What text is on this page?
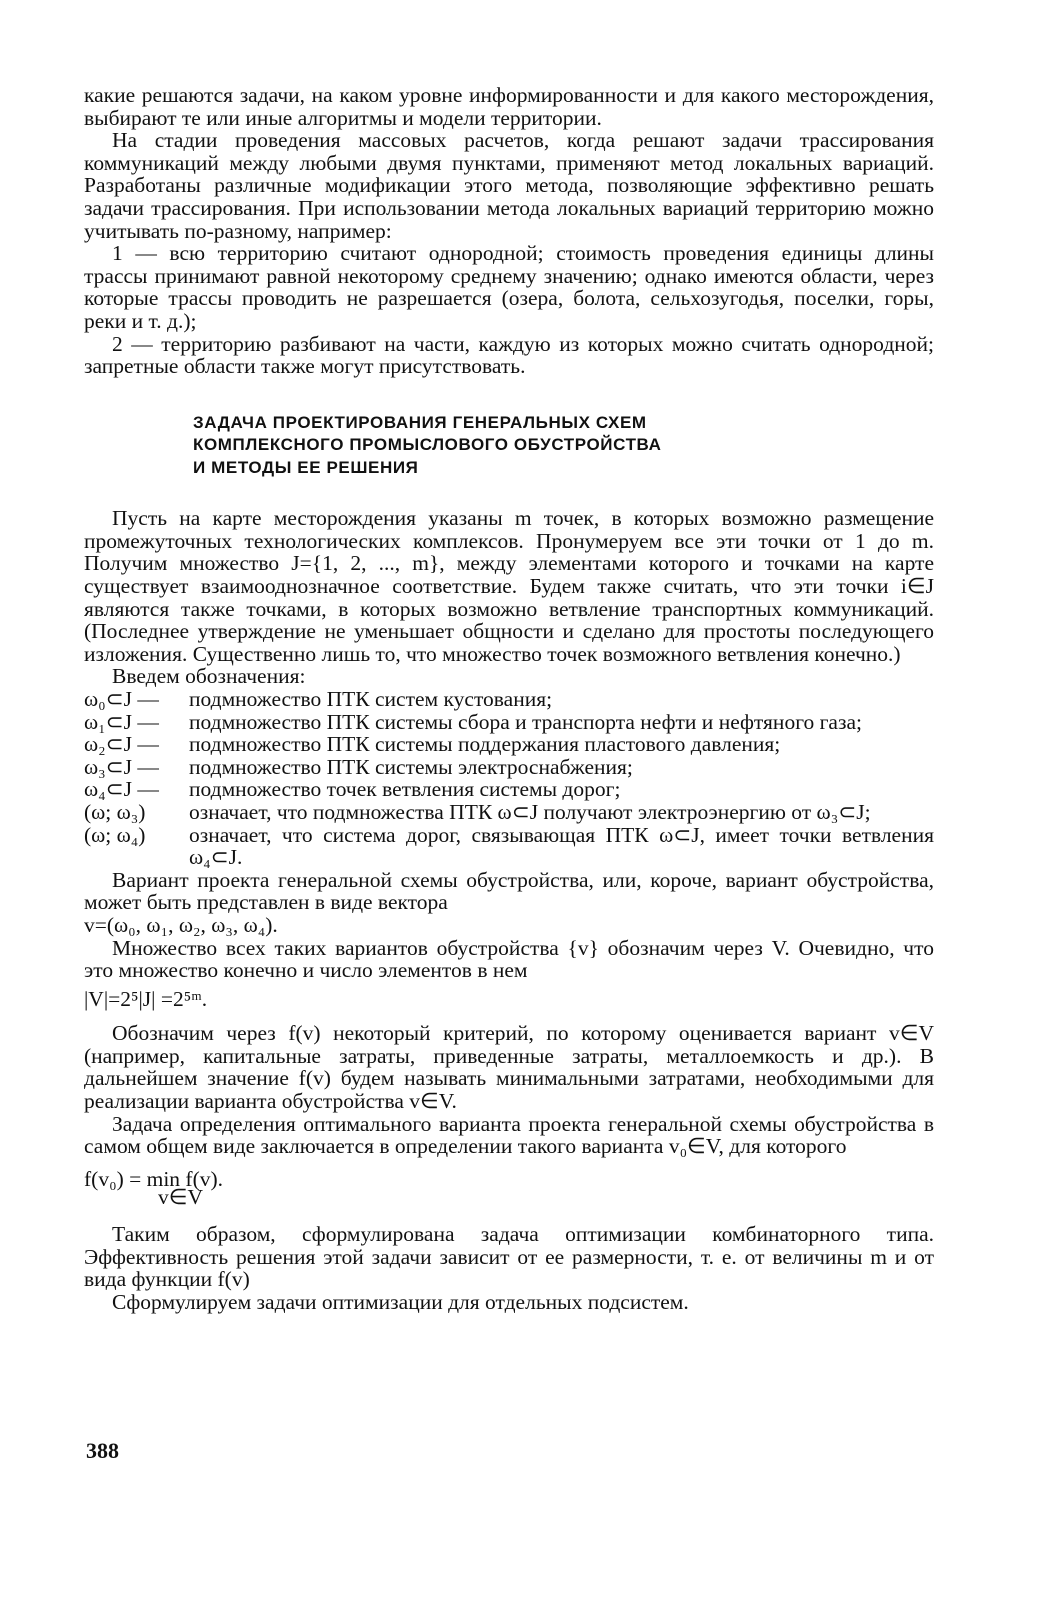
какие решаются задачи, на каком уровне информированности и для какого месторождения, выбирают те или иные алгоритмы и модели территории.

На стадии проведения массовых расчетов, когда решают задачи трассирования коммуникаций между любыми двумя пунктами, применяют метод локальных вариаций. Разработаны различные модификации этого метода, позволяющие эффективно решать задачи трассирования. При использовании метода локальных вариаций территорию можно учитывать по-разному, например:

1 — всю территорию считают однородной; стоимость проведения единицы длины трассы принимают равной некоторому среднему значению; однако имеются области, через которые трассы проводить не разрешается (озера, болота, сельхозугодья, поселки, горы, реки и т. д.);

2 — территорию разбивают на части, каждую из которых можно считать однородной; запретные области также могут присутствовать.

ЗАДАЧА ПРОЕКТИРОВАНИЯ ГЕНЕРАЛЬНЫХ СХЕМ
КОМПЛЕКСНОГО ПРОМЫСЛОВОГО ОБУСТРОЙСТВА
И МЕТОДЫ ЕЕ РЕШЕНИЯ

Пусть на карте месторождения указаны m точек, в которых возможно размещение промежуточных технологических комплексов. Пронумеруем все эти точки от 1 до m. Получим множество J={1, 2, ..., m}, между элементами которого и точками на карте существует взаимооднозначное соответствие. Будем также считать, что эти точки i∈J являются также точками, в которых возможно ветвление транспортных коммуникаций. (Последнее утверждение не уменьшает общности и сделано для простоты последующего изложения. Существенно лишь то, что множество точек возможного ветвления конечно.)

Введем обозначения:

ω₀⊂J —	подмножество ПТК систем кустования;
ω₁⊂J —	подмножество ПТК системы сбора и транспорта нефти и нефтяного газа;
ω₂⊂J —	подмножество ПТК системы поддержания пластового давления;
ω₃⊂J —	подмножество ПТК системы электроснабжения;
ω₄⊂J —	подмножество точек ветвления системы дорог;
(ω; ω₃)	означает, что подмножества ПТК ω⊂J получают электроэнергию от ω₃⊂J;
(ω; ω₄)	означает, что система дорог, связывающая ПТК ω⊂J, имеет точки ветвления ω₄⊂J.

Вариант проекта генеральной схемы обустройства, или, короче, вариант обустройства, может быть представлен в виде вектора

v=(ω₀, ω₁, ω₂, ω₃, ω₄).

Множество всех таких вариантов обустройства {v} обозначим через V. Очевидно, что это множество конечно и число элементов в нем

|V|=2⁵|J| =2⁵ᵐ.

Обозначим через f(v) некоторый критерий, по которому оценивается вариант v∈V (например, капитальные затраты, приведенные затраты, металлоемкость и др.). В дальнейшем значение f(v) будем называть минимальными затратами, необходимыми для реализации варианта обустройства v∈V.

Задача определения оптимального варианта проекта генеральной схемы обустройства в самом общем виде заключается в определении такого варианта v₀∈V, для которого

f(v₀) = min f(v).
v∈V

Таким образом, сформулирована задача оптимизации комбинаторного типа. Эффективность решения этой задачи зависит от ее размерности, т. е. от величины m и от вида функции f(v)

Сформулируем задачи оптимизации для отдельных подсистем.

388
